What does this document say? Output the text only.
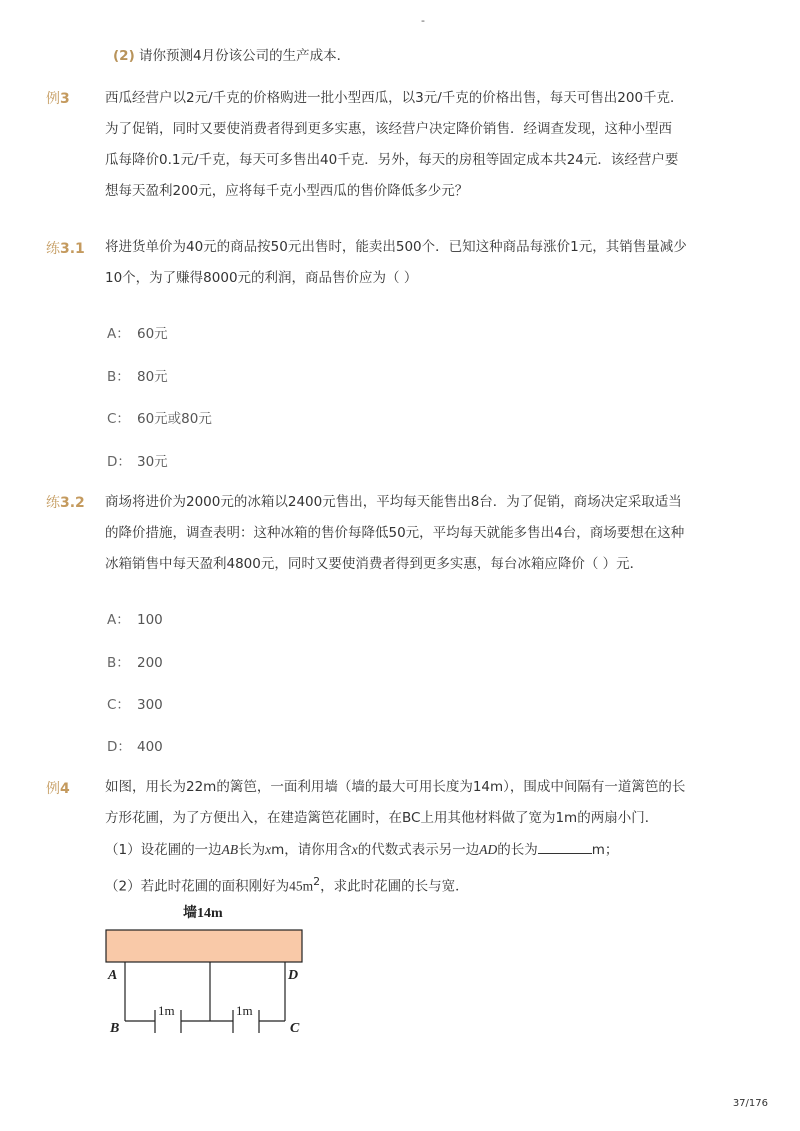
-
(2) 请你预测4月份该公司的生产成本．
例3	西瓜经营户以2元/千克的价格购进一批小型西瓜，以3元/千克的价格出售，每天可售出200千克．
为了促销，同时又要使消费者得到更多实惠，该经营户决定降价销售．经调查发现，这种小型西
瓜每降价0.1元/千克，每天可多售出40千克．另外，每天的房租等固定成本共24元．该经营户要
想每天盈利200元，应将每千克小型西瓜的售价降低多少元？
练3.1 将进货单价为40元的商品按50元出售时，能卖出500个．已知这种商品每涨价1元，其销售量减少
10个，为了赚得8000元的利润，商品售价应为（ ）
A： 60元
B： 80元
C： 60元或80元
D： 30元
练3.2 商场将进价为2000元的冰箱以2400元售出，平均每天能售出8台．为了促销，商场决定采取适当
的降价措施，调查表明：这种冰箱的售价每降低50元，平均每天就能多售出4台，商场要想在这种
冰箱销售中每天盈利4800元，同时又要使消费者得到更多实惠，每台冰箱应降价（ ）元．
A： 100
B： 200
C： 300
D： 400
例4	如图，用长为22m的篱笆，一面利用墙（墙的最大可用长度为14m），围成中间隔有一道篱笆的长
方形花圃，为了方便出入，在建造篱笆花圃时，在BC上用其他材料做了宽为1m的两扇小门．
（1）设花圃的一边AB长为xm，请你用含x的代数式表示另一边AD的长为	m；
（2）若此时花圃的面积刚好为$45m^2$，求此时花圃的长与宽．
墙14m
1m	1m
A	D
B	C
37/176
